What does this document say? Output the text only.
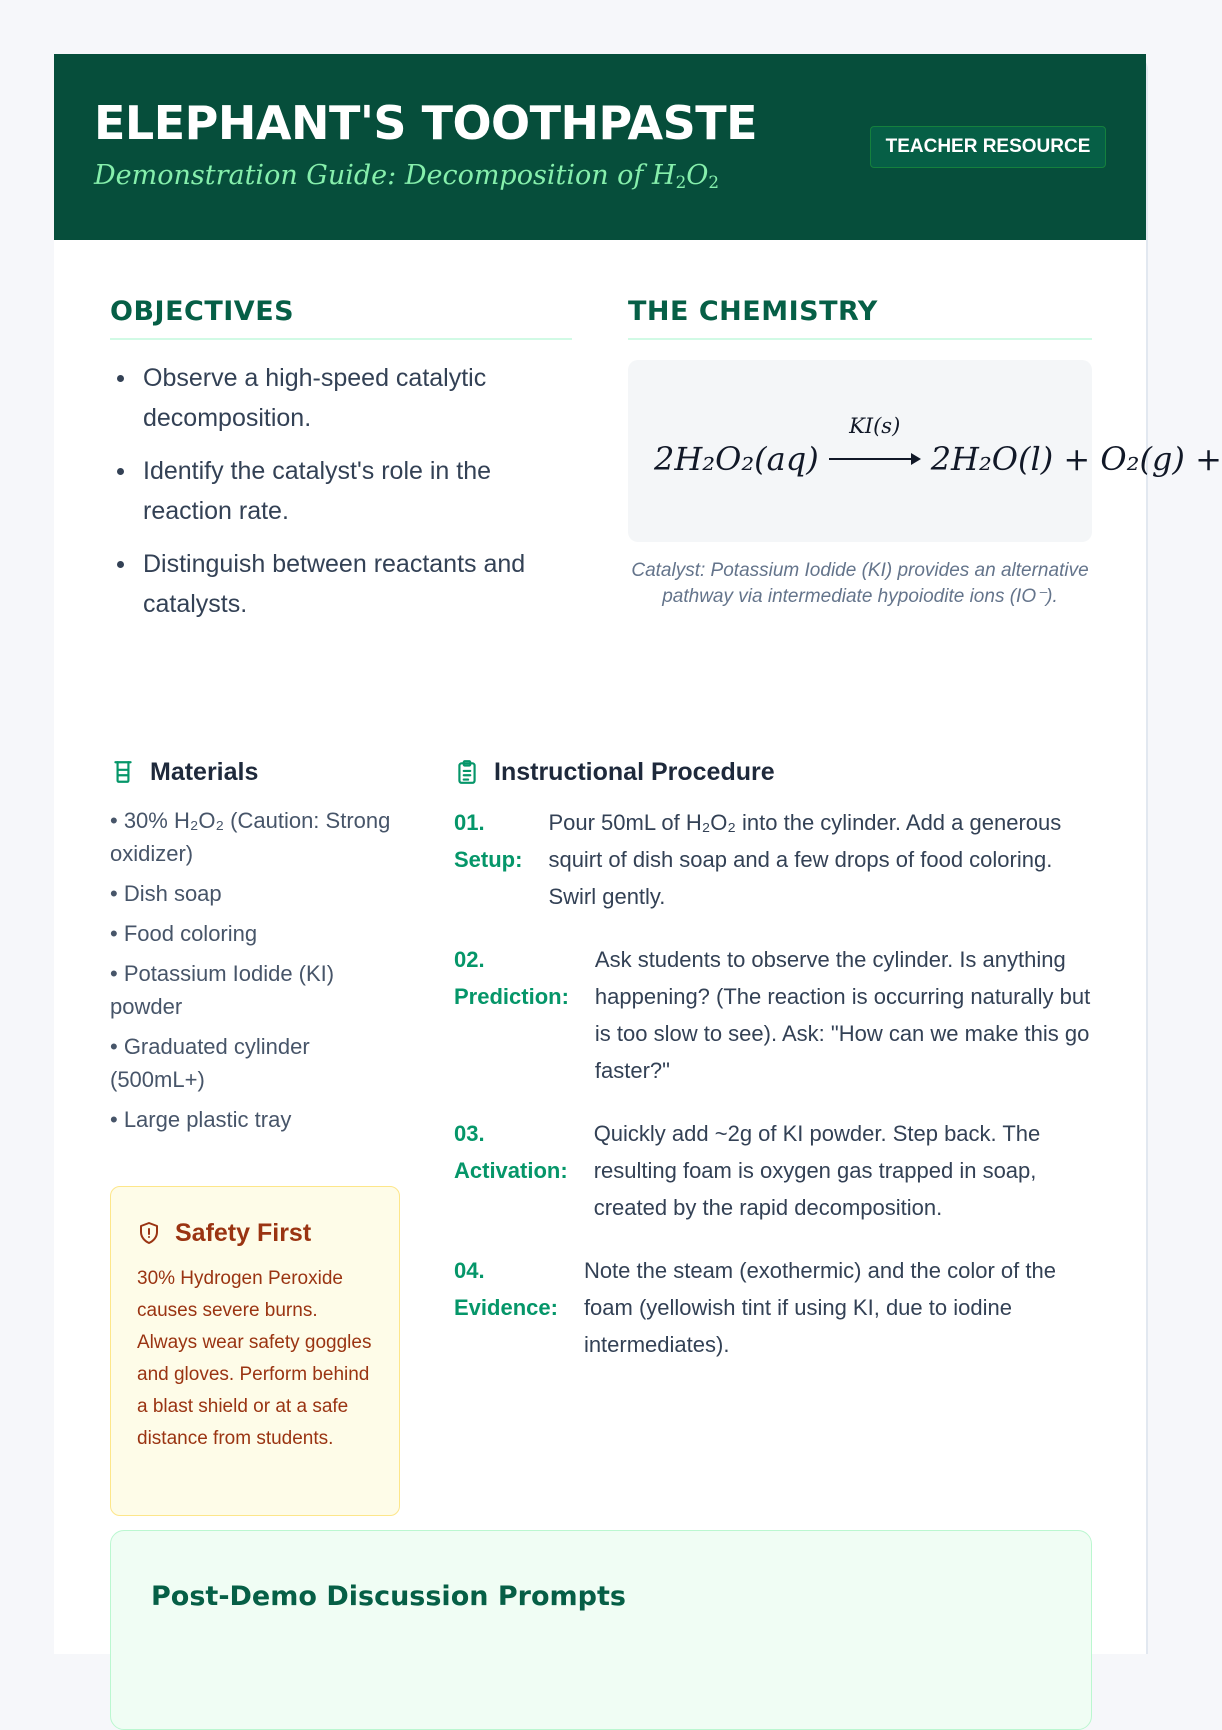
ELEPHANT'S TOOTHPASTE
Demonstration Guide: Decomposition of $H_2O_2$
TEACHER RESOURCE
OBJECTIVES
Observe a high-speed catalytic decomposition.
Identify the catalyst's role in the reaction rate.
Distinguish between reactants and catalysts.
THE CHEMISTRY
2H₂O₂(aq)
KI(s)
2H₂O(l) + O₂(g) +
Catalyst: Potassium Iodide (KI) provides an alternative pathway via intermediate hypoiodite ions (IO⁻).
Materials
• 30% H₂O₂ (Caution: Strong oxidizer)
• Dish soap
• Food coloring
• Potassium Iodide (KI) powder
• Graduated cylinder (500mL+)
• Large plastic tray
Safety First
30% Hydrogen Peroxide causes severe burns. Always wear safety goggles and gloves. Perform behind a blast shield or at a safe distance from students.
Instructional Procedure
01.
Setup:
Pour 50mL of H₂O₂ into the cylinder. Add a generous squirt of dish soap and a few drops of food coloring. Swirl gently.
02.
Prediction:
Ask students to observe the cylinder. Is anything happening? (The reaction is occurring naturally but is too slow to see). Ask: "How can we make this go faster?"
03.
Activation:
Quickly add ~2g of KI powder. Step back. The resulting foam is oxygen gas trapped in soap, created by the rapid decomposition.
04.
Evidence:
Note the steam (exothermic) and the color of the foam (yellowish tint if using KI, due to iodine intermediates).
Post-Demo Discussion Prompts
